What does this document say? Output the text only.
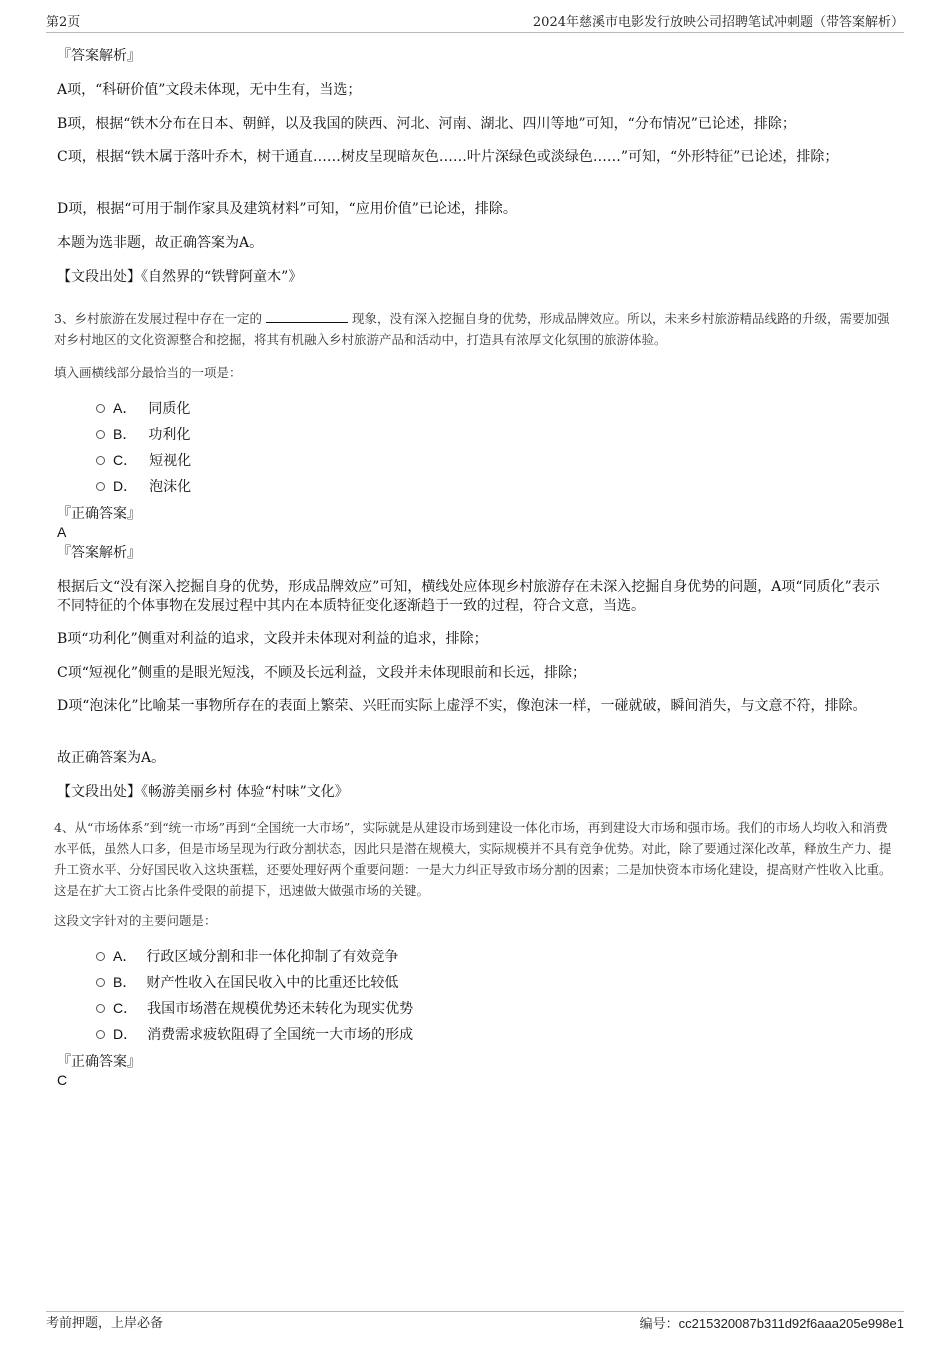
第2页	2024年慈溪市电影发行放映公司招聘笔试冲刺题（带答案解析）
『答案解析』
A项，“科研价值”文段未体现，无中生有，当选；
B项，根据“铁木分布在日本、朝鲜，以及我国的陕西、河北、河南、湖北、四川等地”可知，“分布情况”已论述，排除；
C项，根据“铁木属于落叶乔木，树干通直……树皮呈现暗灰色……叶片深绿色或淡绿色……”可知，“外形特征”已论述，排除；
D项，根据“可用于制作家具及建筑材料”可知，“应用价值”已论述，排除。
本题为选非题，故正确答案为A。
【文段出处】《自然界的“铁臂阿童木”》
3、乡村旅游在发展过程中存在一定的	现象，没有深入挖掘自身的优势，形成品牌效应。所以，未来乡村旅游精品线路的升级，需要加强对乡村地区的文化资源整合和挖掘，将其有机融入乡村旅游产品和活动中，打造具有浓厚文化氛围的旅游体验。
填入画横线部分最恰当的一项是：
A． 同质化
B． 功利化
C． 短视化
D． 泡沫化
『正确答案』
A
『答案解析』
根据后文“没有深入挖掘自身的优势，形成品牌效应”可知，横线处应体现乡村旅游存在未深入挖掘自身优势的问题，A项“同质化”表示不同特征的个体事物在发展过程中其内在本质特征变化逐渐趋于一致的过程，符合文意，当选。
B项“功利化”侧重对利益的追求，文段并未体现对利益的追求，排除；
C项“短视化”侧重的是眼光短浅，不顾及长远利益，文段并未体现眼前和长远，排除；
D项“泡沫化”比喻某一事物所存在的表面上繁荣、兴旺而实际上虚浮不实，像泡沫一样，一碰就破，瞬间消失，与文意不符，排除。
故正确答案为A。
【文段出处】《畅游美丽乡村 体验“村味”文化》
4、从“市场体系”到“统一市场”再到“全国统一大市场”，实际就是从建设市场到建设一体化市场，再到建设大市场和强市场。我们的市场人均收入和消费水平低，虽然人口多，但是市场呈现为行政分割状态，因此只是潜在规模大，实际规模并不具有竞争优势。对此，除了要通过深化改革，释放生产力、提升工资水平、分好国民收入这块蛋糕，还要处理好两个重要问题：一是大力纠正导致市场分割的因素；二是加快资本市场化建设，提高财产性收入比重。这是在扩大工资占比条件受限的前提下，迅速做大做强市场的关键。
这段文字针对的主要问题是：
A． 行政区域分割和非一体化抑制了有效竞争
B． 财产性收入在国民收入中的比重还比较低
C． 我国市场潜在规模优势还未转化为现实优势
D． 消费需求疲软阻碍了全国统一大市场的形成
『正确答案』
C
考前押题，上岸必备	编号：cc215320087b311d92f6aaa205e998e1
